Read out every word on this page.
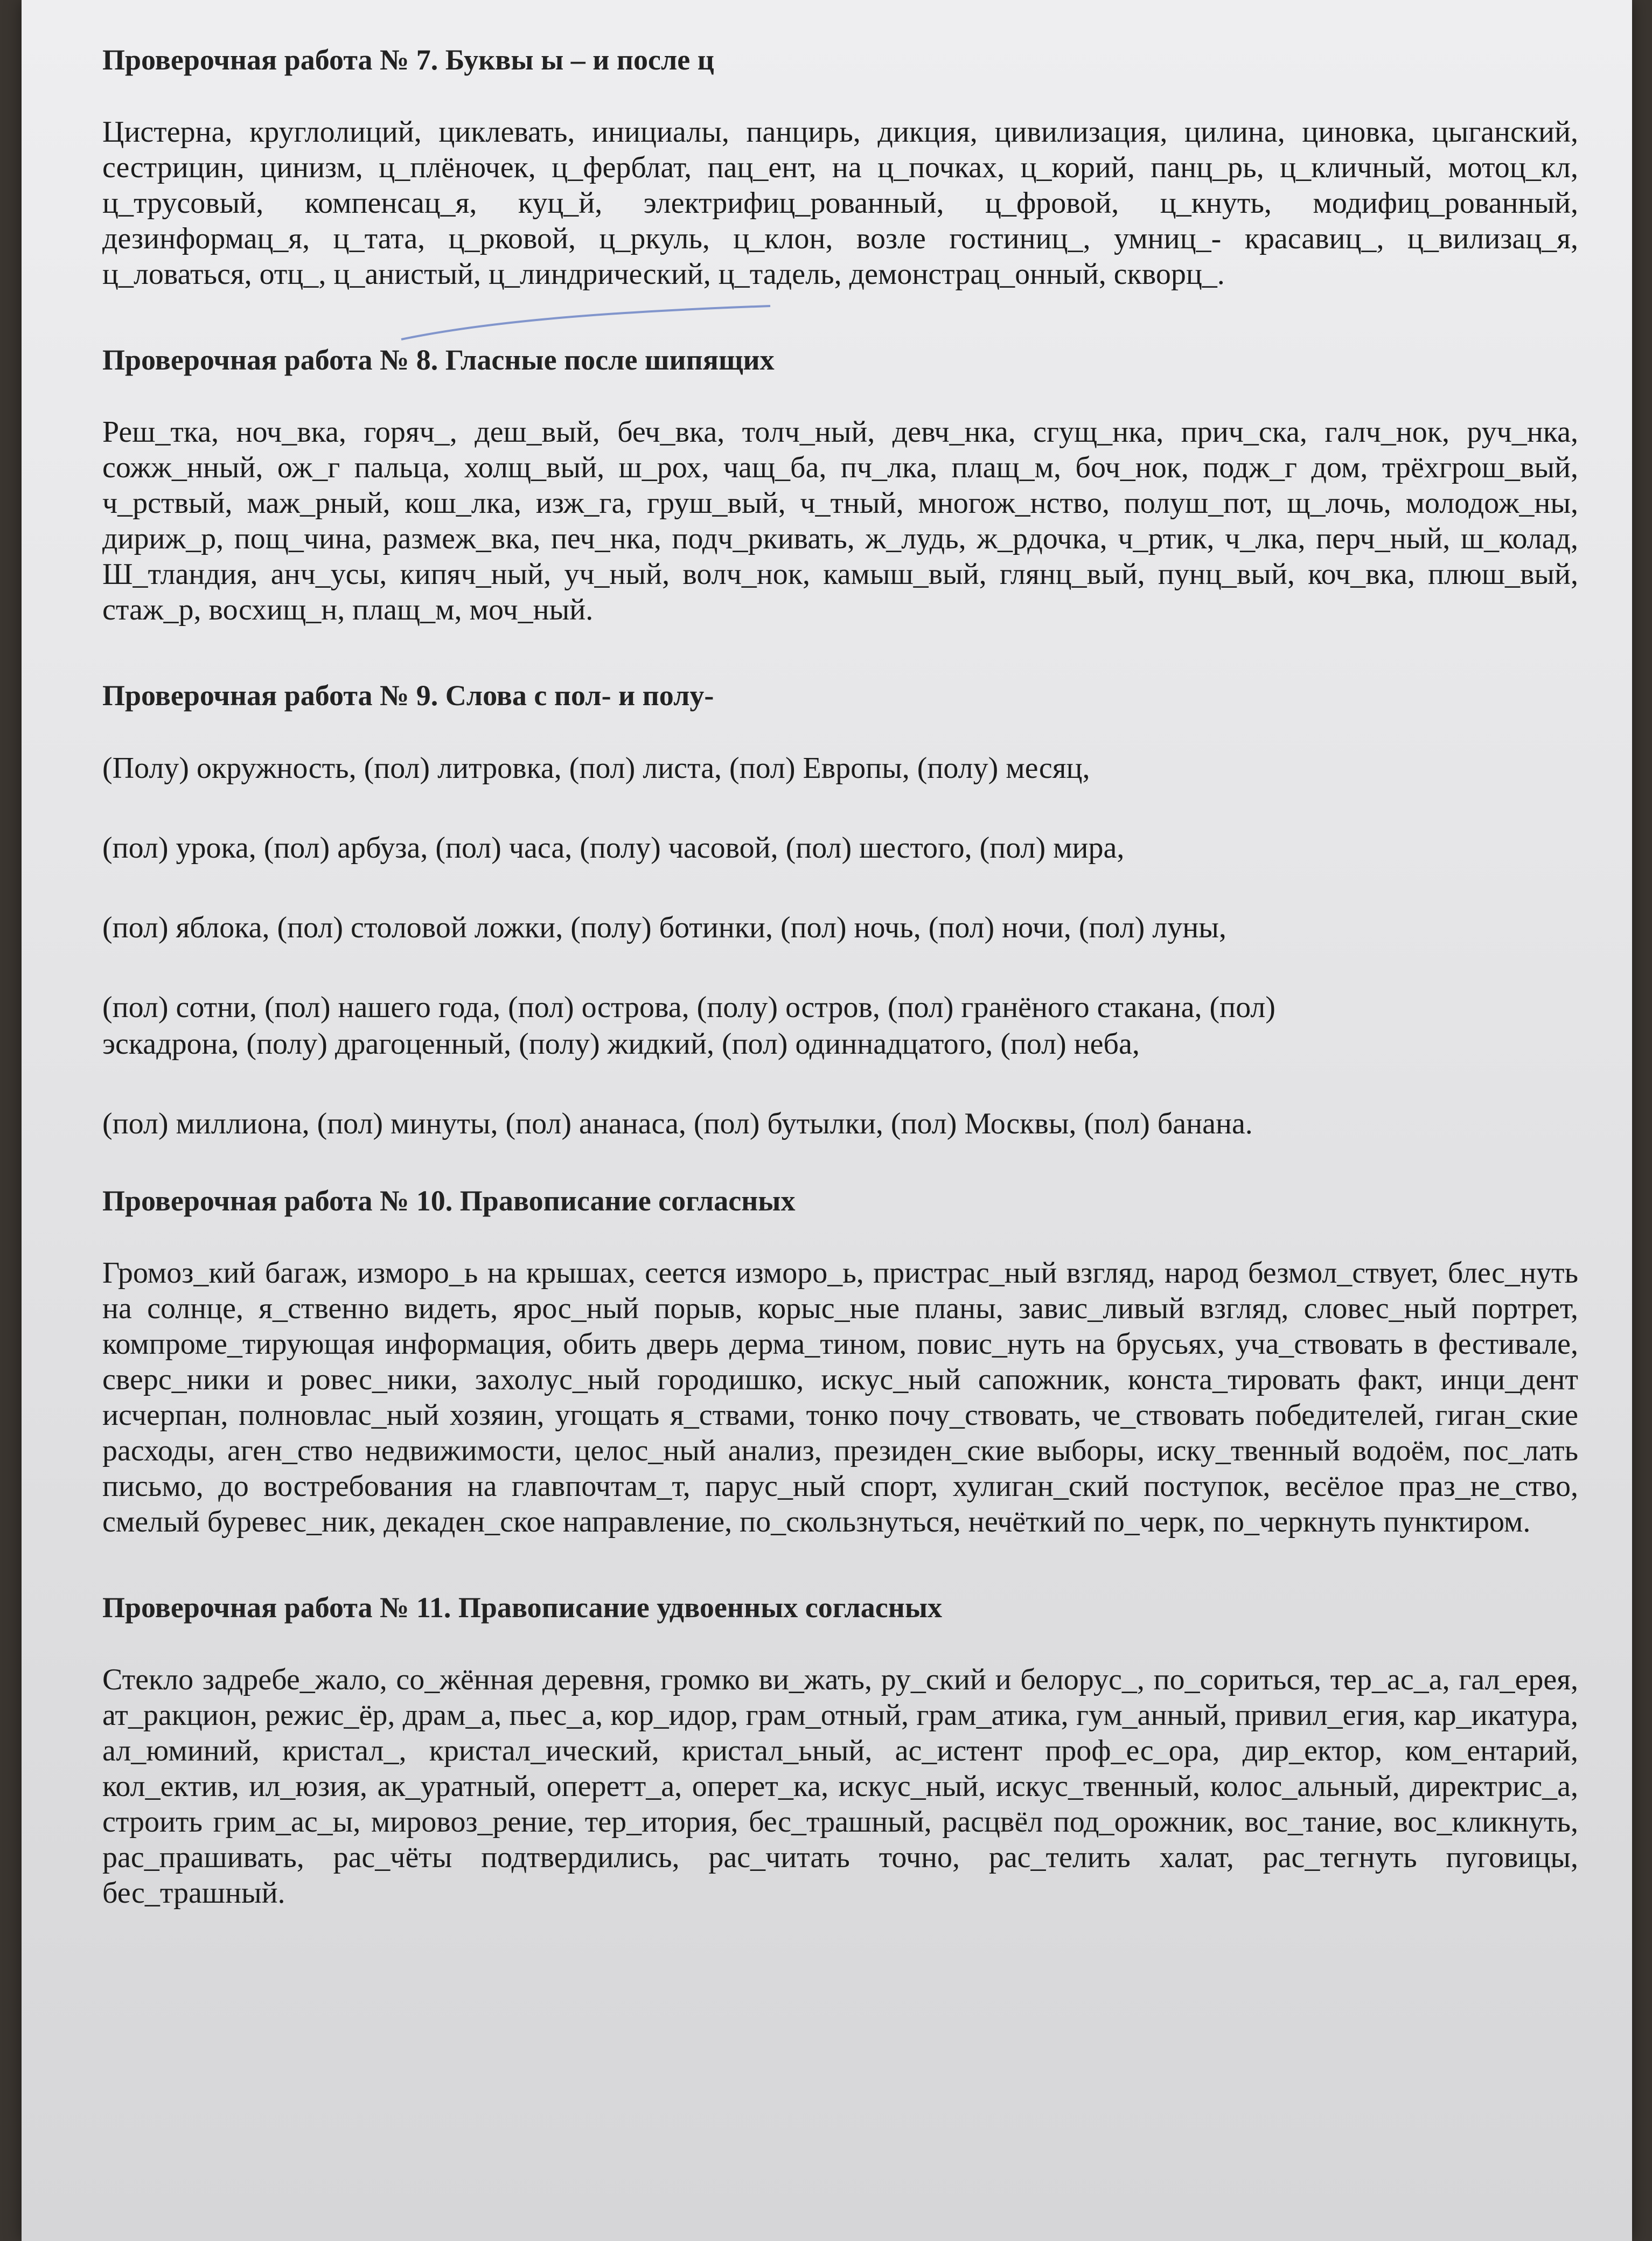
Проверочная работа № 7. Буквы ы – и после ц
Цистерна, круглолиций, циклевать, инициалы, панцирь, дикция, цивилизация, цилина, циновка, цыганский, сестрицин, цинизм, ц_плёночек, ц_ферблат, пац_ент, на ц_почках, ц_корий, панц_рь, ц_кличный, мотоц_кл, ц_трусовый, компенсац_я, куц_й, электрифиц_рованный, ц_фровой, ц_кнуть, модифиц_рованный, дезинформац_я, ц_тата, ц_рковой, ц_ркуль, ц_клон, возле гостиниц_, умниц_- красавиц_, ц_вилизац_я, ц_ловаться, отц_, ц_анистый, ц_линдрический, ц_тадель, демонстрац_онный, скворц_.
Проверочная работа № 8. Гласные после шипящих
Реш_тка, ноч_вка, горяч_, деш_вый, беч_вка, толч_ный, девч_нка, сгущ_нка, прич_ска, галч_нок, руч_нка, сожж_нный, ож_г пальца, холщ_вый, ш_рох, чащ_ба, пч_лка, плащ_м, боч_нок, подж_г дом, трёхгрош_вый, ч_рствый, маж_рный, кош_лка, изж_га, груш_вый, ч_тный, многож_нство, полуш_пот, щ_лочь, молодож_ны, дириж_р, пощ_чина, размеж_вка, печ_нка, подч_ркивать, ж_лудь, ж_рдочка, ч_ртик, ч_лка, перч_ный, ш_колад, Ш_тландия, анч_усы, кипяч_ный, уч_ный, волч_нок, камыш_вый, глянц_вый, пунц_вый, коч_вка, плюш_вый, стаж_р, восхищ_н, плащ_м, моч_ный.
Проверочная работа № 9. Слова с пол- и полу-
(Полу) окружность, (пол) литровка, (пол) листа, (пол) Европы, (полу) месяц,
(пол) урока, (пол) арбуза, (пол) часа, (полу) часовой, (пол) шестого, (пол) мира,
(пол) яблока, (пол) столовой ложки, (полу) ботинки, (пол) ночь, (пол) ночи, (пол) луны,
(пол) сотни, (пол) нашего года, (пол) острова, (полу) остров, (пол) гранёного стакана, (пол)
эскадрона, (полу) драгоценный, (полу) жидкий, (пол) одиннадцатого, (пол) неба,
(пол) миллиона, (пол) минуты, (пол) ананаса, (пол) бутылки, (пол) Москвы, (пол) банана.
Проверочная работа № 10. Правописание согласных
Громоз_кий багаж, изморо_ь на крышах, сеется изморо_ь, пристрас_ный взгляд, народ безмол_ствует, блес_нуть на солнце, я_ственно видеть, ярос_ный порыв, корыс_ные планы, завис_ливый взгляд, словес_ный портрет, компроме_тирующая информация, обить дверь дерма_тином, повис_нуть на брусьях, уча_ствовать в фестивале, сверс_ники и ровес_ники, захолус_ный городишко, искус_ный сапожник, конста_тировать факт, инци_дент исчерпан, полновлас_ный хозяин, угощать я_ствами, тонко почу_ствовать, че_ствовать победителей, гиган_ские расходы, аген_ство недвижимости, целос_ный анализ, президен_ские выборы, иску_твенный водоём, пос_лать письмо, до востребования на главпочтам_т, парус_ный спорт, хулиган_ский поступок, весёлое праз_не_ство, смелый буревес_ник, декаден_ское направление, по_скользнуться, нечёткий по_черк, по_черкнуть пунктиром.
Проверочная работа № 11. Правописание удвоенных согласных
Стекло задребе_жало, со_жённая деревня, громко ви_жать, ру_ский и белорус_, по_сориться, тер_ас_а, гал_ерея, ат_ракцион, режис_ёр, драм_а, пьес_а, кор_идор, грам_отный, грам_атика, гум_анный, привил_егия, кар_икатура, ал_юминий, кристал_, кристал_ический, кристал_ьный, ас_истент проф_ес_ора, дир_ектор, ком_ентарий, кол_ектив, ил_юзия, ак_уратный, оперетт_а, оперет_ка, искус_ный, искус_твенный, колос_альный, директрис_а, строить грим_ас_ы, мировоз_рение, тер_итория, бес_трашный, расцвёл под_орожник, вос_тание, вос_кликнуть, рас_прашивать, рас_чёты подтвердились, рас_читать точно, рас_телить халат, рас_тегнуть пуговицы, бес_трашный.
